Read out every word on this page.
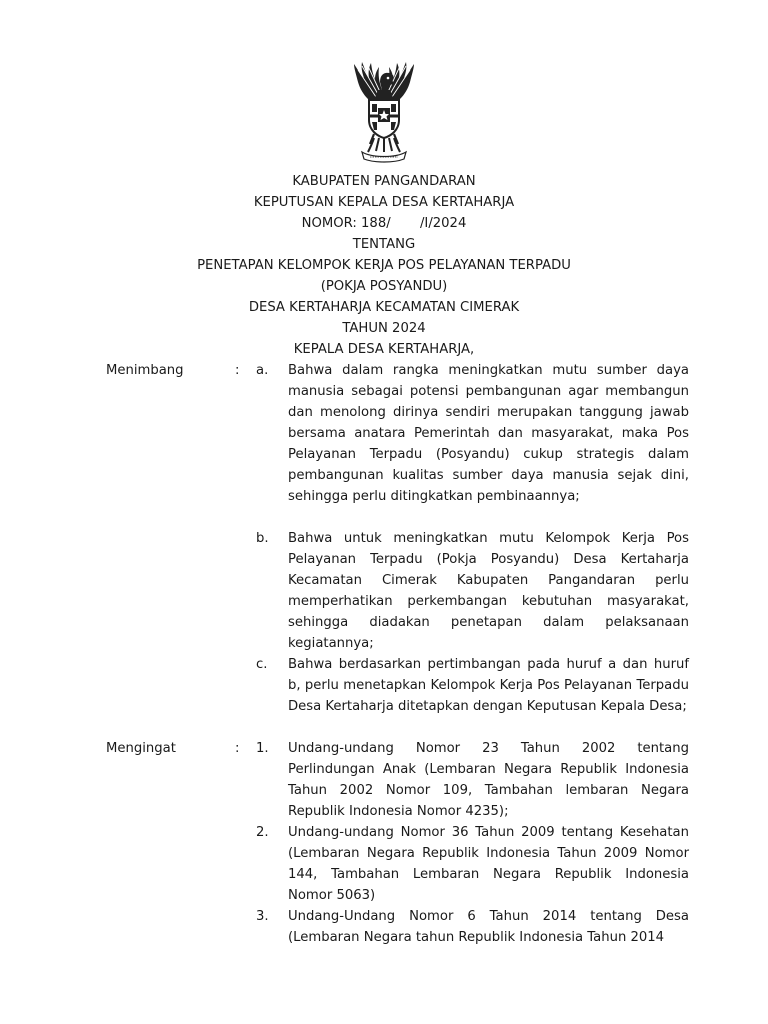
KABUPATEN PANGANDARAN
KEPUTUSAN KEPALA DESA KERTAHARJA
NOMOR: 188/       /I/2024
TENTANG
PENETAPAN KELOMPOK KERJA POS PELAYANAN TERPADU
(POKJA POSYANDU)
DESA KERTAHARJA KECAMATAN CIMERAK
TAHUN 2024
KEPALA DESA KERTAHARJA,
Menimbang	: a. Bahwa dalam rangka meningkatkan mutu sumber daya manusia sebagai potensi pembangunan agar membangun dan menolong dirinya sendiri merupakan tanggung jawab bersama anatara Pemerintah dan masyarakat, maka Pos Pelayanan Terpadu (Posyandu) cukup strategis dalam pembangunan kualitas sumber daya manusia sejak dini, sehingga perlu ditingkatkan pembinaannya;
b. Bahwa untuk meningkatkan mutu Kelompok Kerja Pos Pelayanan Terpadu (Pokja Posyandu) Desa Kertaharja Kecamatan Cimerak Kabupaten Pangandaran perlu memperhatikan perkembangan kebutuhan masyarakat, sehingga diadakan penetapan dalam pelaksanaan kegiatannya;
c. Bahwa berdasarkan pertimbangan pada huruf a dan huruf b, perlu menetapkan Kelompok Kerja Pos Pelayanan Terpadu Desa Kertaharja ditetapkan dengan Keputusan Kepala Desa;
Mengingat	: 1. Undang-undang Nomor 23 Tahun 2002 tentang Perlindungan Anak (Lembaran Negara Republik Indonesia Tahun 2002 Nomor 109, Tambahan lembaran Negara Republik Indonesia Nomor 4235);
2. Undang-undang Nomor 36 Tahun 2009 tentang Kesehatan (Lembaran Negara Republik Indonesia Tahun 2009 Nomor 144, Tambahan Lembaran Negara Republik Indonesia Nomor 5063)
3. Undang-Undang Nomor 6 Tahun 2014 tentang Desa (Lembaran Negara tahun Republik Indonesia Tahun 2014
